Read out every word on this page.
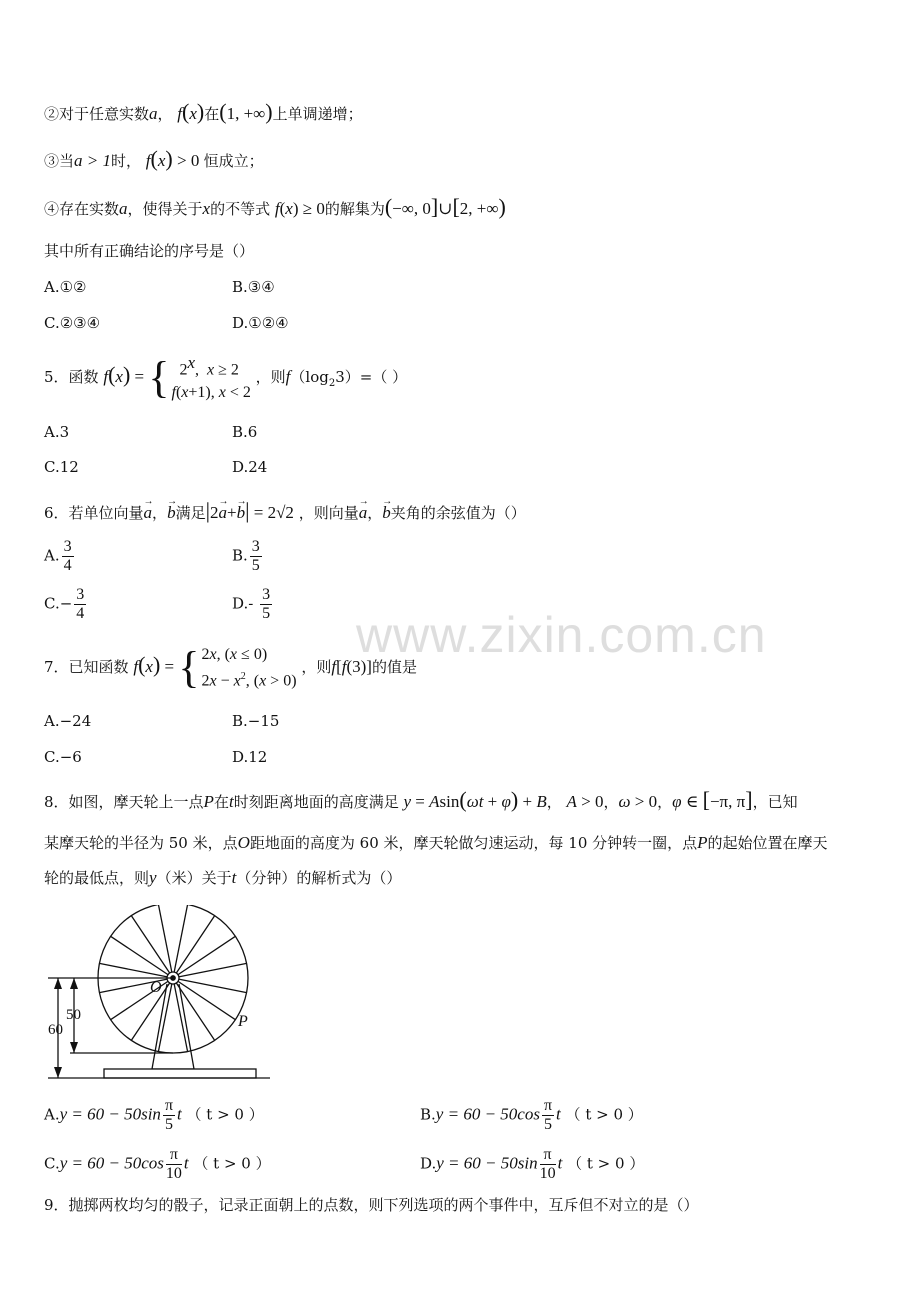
www.zixin.com.cn
②对于任意实数a， f(x)在(1, +∞)上单调递增；
③当a > 1时， f(x) > 0 恒成立；
④存在实数a，使得关于x的不等式 f(x) ≥ 0的解集为(−∞, 0]∪[2, +∞)
其中所有正确结论的序号是（）
A.①②	B.③④
C.②③④	D.①②④
5．函数 f(x) = { 2$^x$,  x ≥ 2
f(x+1), x < 2
，则$f(\log_23)=$（ ）
A.3	B.6
C.12	D.24
6．若单位向量→ a，→ b满足|2→ a+→ b| = 2√2 ，则向量→ a，→ b夹角的余弦值为（）
A. $\frac{3}{4}$	B. $\frac{3}{5}$
$C.- \frac{3}{4}$	$D.- \frac{3}{5}$
7．已知函数 f(x) = { 2x, (x ≤ 0)
$2x - x^2$, (x > 0)
，则f[f(3)]的值是
A.−24	B.−15
C.−6	D.12
8．如图，摩天轮上一点P在t时刻距离地面的高度满足 y = Asin(ωt + φ) + B， A > 0，ω > 0，φ ∈ [−π, π]，已知
某摩天轮的半径为 50 米，点O距地面的高度为 60 米，摩天轮做匀速运动，每 10 分钟转一圈，点P的起始位置在摩天
轮的最低点，则y（米）关于t（分钟）的解析式为（）
60
50
O
P
$A.y = 60 - 50\sin \frac{\pi}{5}$ t （ t > 0 ）	$B.y = 60 - 50\cos \frac{\pi}{5}$ t （ t > 0 ）
$C.y = 60 - 50\cos \frac{\pi}{10}$ t （ t > 0 ）	$D.y = 60 - 50\sin \frac{\pi}{10}$ t （ t > 0 ）
9．抛掷两枚均匀的骰子，记录正面朝上的点数，则下列选项的两个事件中，互斥但不对立的是（）
